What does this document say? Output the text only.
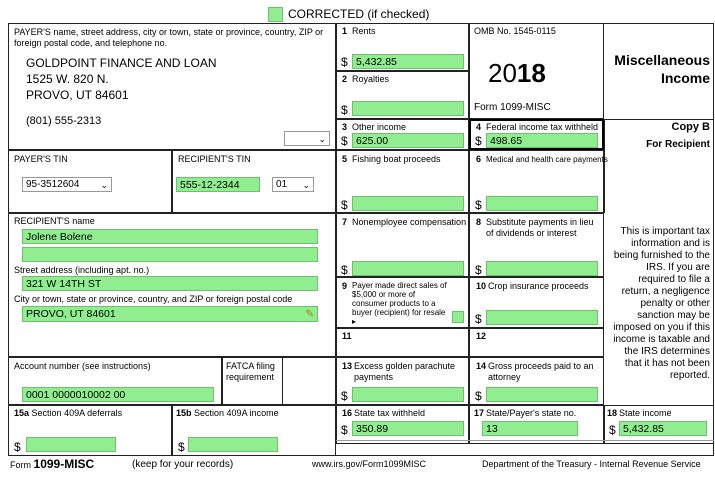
CORRECTED (if checked)
PAYER'S name, street address, city or town, state or province, country, ZIP or foreign postal code, and telephone no.
GOLDPOINT FINANCE AND LOAN
1525 W. 820 N.
PROVO, UT 84601
(801) 555-2313
⌄
1 Rents
$ 5,432.85
OMB No. 1545-0115
2018
Form 1099-MISC
Miscellaneous
Income
2 Royalties
$
3 Other income
$ 625.00
4 Federal income tax withheld
$ 498.65
Copy B
For Recipient
PAYER'S TIN
95-3512604 ⌄
RECIPIENT'S TIN
555-12-2344	01 ⌄
5 Fishing boat proceeds
$
6 Medical and health care payments
$
RECIPIENT'S name
Jolene Bolene
Street address (including apt. no.)
321 W 14TH ST
City or town, state or province, country, and ZIP or foreign postal code
PROVO, UT 84601	✎
7 Nonemployee compensation
$
8 Substitute payments in lieu of dividends or interest
$
9 Payer made direct sales of $5,000 or more of consumer products to a buyer (recipient) for resale ▸
10 Crop insurance proceeds
$
11	12
This is important tax information and is being furnished to the IRS. If you are required to file a return, a negligence penalty or other sanction may be imposed on you if this income is taxable and the IRS determines that it has not been reported.
Account number (see instructions)
0001 0000010002 00
FATCA filing requirement
13 Excess golden parachute payments
$
14 Gross proceeds paid to an attorney
$
15a Section 409A deferrals
$
15b Section 409A income
$
16 State tax withheld
$ 350.89
17 State/Payer's state no.
13
18 State income
$ 5,432.85
Form 1099-MISC	(keep for your records)	www.irs.gov/Form1099MISC	Department of the Treasury - Internal Revenue Service
